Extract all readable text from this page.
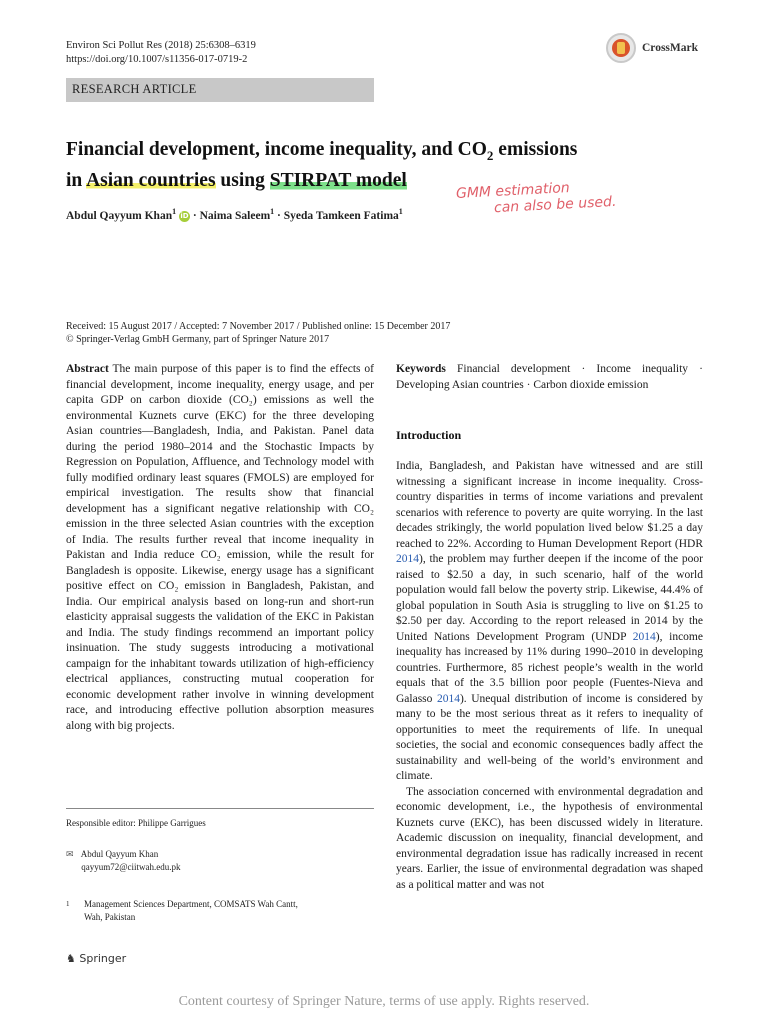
Environ Sci Pollut Res (2018) 25:6308–6319
https://doi.org/10.1007/s11356-017-0719-2
CrossMark
RESEARCH ARTICLE
Financial development, income inequality, and $CO_2$ emissions
in Asian countries using STIRPAT model	GMM estimation
can also be used.
Abdul Qayyum Khan$^1$ iD · Naima Saleem$^1$ · Syeda Tamkeen Fatima$^1$
Received: 15 August 2017 / Accepted: 7 November 2017 / Published online: 15 December 2017
© Springer-Verlag GmbH Germany, part of Springer Nature 2017
Abstract The main purpose of this paper is to find the effects of financial development, income inequality, energy usage, and per capita GDP on carbon dioxide (CO₂) emissions as well the environmental Kuznets curve (EKC) for the three developing Asian countries—Bangladesh, India, and Pakistan. Panel data during the period 1980–2014 and the Stochastic Impacts by Regression on Population, Affluence, and Technology model with fully modified ordinary least squares (FMOLS) are employed for empirical investigation. The results show that financial development has a significant negative relationship with CO₂ emission in the three selected Asian countries with the exception of India. The results further reveal that income inequality in Pakistan and India reduce CO₂ emission, while the result for Bangladesh is opposite. Likewise, energy usage has a significant positive effect on CO₂ emission in Bangladesh, Pakistan, and India. Our empirical analysis based on long-run and short-run elasticity appraisal suggests the validation of the EKC in Pakistan and India. The study findings recommend an important policy insinuation. The study suggests introducing a motivational campaign for the inhabitant towards utilization of high-efficiency electrical appliances, constructing mutual cooperation for economic development rather involve in winning development race, and introducing effective pollution absorption measures along with big projects.
Keywords Financial development · Income inequality · Developing Asian countries · Carbon dioxide emission
Introduction

India, Bangladesh, and Pakistan have witnessed and are still witnessing a significant increase in income inequality. Cross-country disparities in terms of income variations and prevalent scenarios with reference to poverty are quite worrying. In the last decades strikingly, the world population lived below $1.25 a day reached to 22%. According to Human Development Report (HDR 2014), the problem may further deepen if the income of the poor raised to $2.50 a day, in such scenario, half of the world population would fall below the poverty strip. Likewise, 44.4% of global population in South Asia is struggling to live on $1.25 to $2.50 per day. According to the report released in 2014 by the United Nations Development Program (UNDP 2014), income inequality has increased by 11% during 1990–2010 in developing countries. Furthermore, 85 richest people’s wealth in the world equals that of the 3.5 billion poor people (Fuentes-Nieva and Galasso 2014). Unequal distribution of income is considered by many to be the most serious threat as it refers to inequality of opportunities to meet the requirements of life. In unequal societies, the social and economic consequences badly affect the sustainability and well-being of the world’s environment and climate.

The association concerned with environmental degradation and economic development, i.e., the hypothesis of environmental Kuznets curve (EKC), has been discussed widely in literature. Academic discussion on inequality, financial development, and environmental degradation issue has radically increased in recent years. Earlier, the issue of environmental degradation was shaped as a political matter and was not

Responsible editor: Philippe Garrigues
✉ Abdul Qayyum Khan
qayyum72@ciitwah.edu.pk
1 Management Sciences Department, COMSATS Wah Cantt,
Wah, Pakistan
♞ Springer
Content courtesy of Springer Nature, terms of use apply. Rights reserved.
